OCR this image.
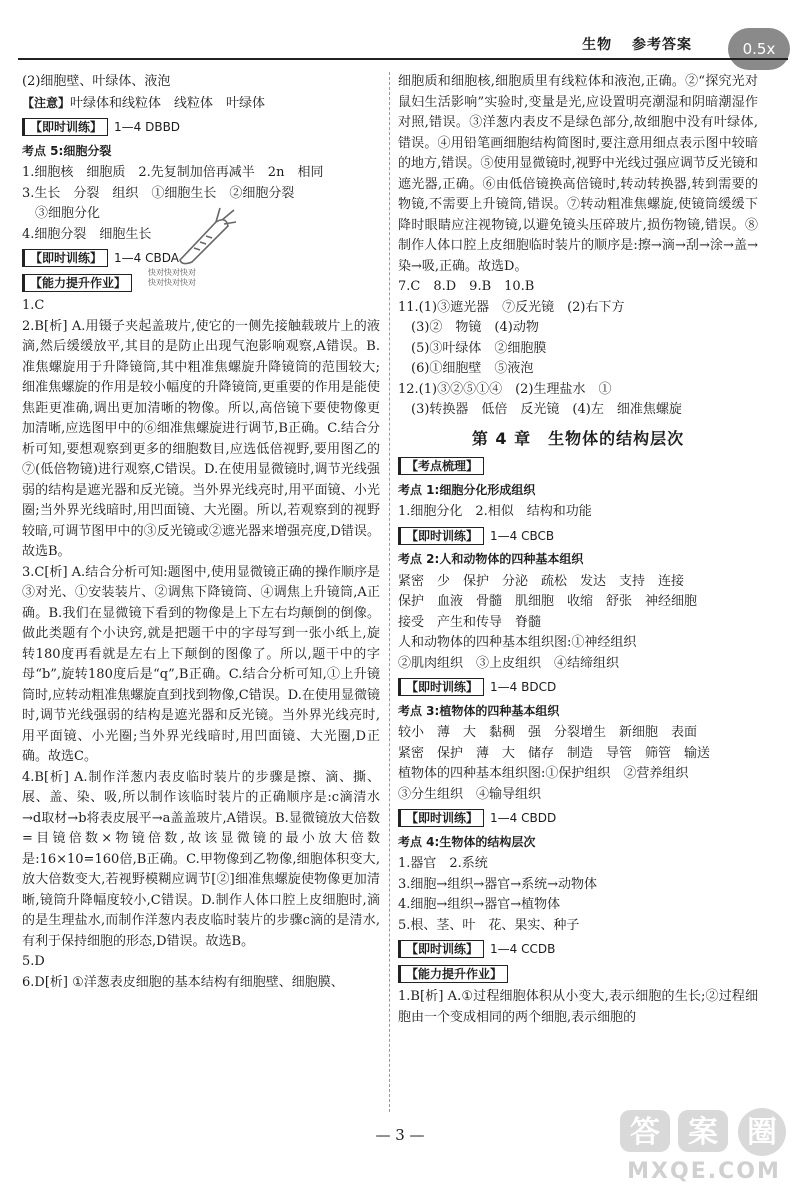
生物 参考答案	0.5x

(2)细胞壁、叶绿体、液泡

【注意】叶绿体和线粒体　线粒体　叶绿体

【即时训练】 1—4 DBBD
考点 5:细胞分裂

1.细胞核　细胞质　2.先复制加倍再减半　2n　相同

3.生长　分裂　组织　①细胞生长　②细胞分裂

　③细胞分化

4.细胞分裂　细胞生长

【即时训练】 1—4 CBDA
【能力提升作业】

1.C

2.B[析] A.用镊子夹起盖玻片,使它的一侧先接触载玻片上的液滴,然后缓缓放平,其目的是防止出现气泡影响观察,A错误。B.准焦螺旋用于升降镜筒,其中粗准焦螺旋升降镜筒的范围较大;细准焦螺旋的作用是较小幅度的升降镜筒,更重要的作用是能使焦距更准确,调出更加清晰的物像。所以,高倍镜下要使物像更加清晰,应选图甲中的⑥细准焦螺旋进行调节,B正确。C.结合分析可知,要想观察到更多的细胞数目,应选低倍视野,要用图乙的⑦(低倍物镜)进行观察,C错误。D.在使用显微镜时,调节光线强弱的结构是遮光器和反光镜。当外界光线亮时,用平面镜、小光圈;当外界光线暗时,用凹面镜、大光圈。所以,若观察到的视野较暗,可调节图甲中的③反光镜或②遮光器来增强亮度,D错误。故选B。

3.C[析] A.结合分析可知:题图中,使用显微镜正确的操作顺序是③对光、①安装装片、②调焦下降镜筒、④调焦上升镜筒,A正确。B.我们在显微镜下看到的物像是上下左右均颠倒的倒像。做此类题有个小诀窍,就是把题干中的字母写到一张小纸上,旋转180度再看就是左右上下颠倒的图像了。所以,题干中的字母“b”,旋转180度后是“q”,B正确。C.结合分析可知,①上升镜筒时,应转动粗准焦螺旋直到找到物像,C错误。D.在使用显微镜时,调节光线强弱的结构是遮光器和反光镜。当外界光线亮时,用平面镜、小光圈;当外界光线暗时,用凹面镜、大光圈,D正确。故选C。

4.B[析] A.制作洋葱内表皮临时装片的步骤是擦、滴、撕、展、盖、染、吸,所以制作该临时装片的正确顺序是:c滴清水→d取材→b将表皮展平→a盖盖玻片,A错误。B.显微镜放大倍数=目镜倍数×物镜倍数,故该显微镜的最小放大倍数是:16×10=160倍,B正确。C.甲物像到乙物像,细胞体积变大,放大倍数变大,若视野模糊应调节[②]细准焦螺旋使物像更加清晰,镜筒升降幅度较小,C错误。D.制作人体口腔上皮细胞时,滴的是生理盐水,而制作洋葱内表皮临时装片的步骤c滴的是清水,有利于保持细胞的形态,D错误。故选B。

5.D

6.D[析] ①洋葱表皮细胞的基本结构有细胞壁、细胞膜、

细胞质和细胞核,细胞质里有线粒体和液泡,正确。②“探究光对鼠妇生活影响”实验时,变量是光,应设置明亮潮湿和阴暗潮湿作对照,错误。③洋葱内表皮不是绿色部分,故细胞中没有叶绿体,错误。④用铅笔画细胞结构简图时,要注意用细点表示图中较暗的地方,错误。⑤使用显微镜时,视野中光线过强应调节反光镜和遮光器,正确。⑥由低倍镜换高倍镜时,转动转换器,转到需要的物镜,不需要上升镜筒,错误。⑦转动粗准焦螺旋,使镜筒缓缓下降时眼睛应注视物镜,以避免镜头压碎玻片,损伤物镜,错误。⑧制作人体口腔上皮细胞临时装片的顺序是:擦→滴→刮→涂→盖→染→吸,正确。故选D。

7.C　8.D　9.B　10.B

11.(1)③遮光器　⑦反光镜　(2)右下方

　(3)②　物镜　(4)动物

　(5)③叶绿体　②细胞膜

　(6)①细胞壁　⑤液泡

12.(1)③②⑤①④　(2)生理盐水　①

　(3)转换器　低倍　反光镜　(4)左　细准焦螺旋

第 4 章　生物体的结构层次
【考点梳理】
考点 1:细胞分化形成组织

1.细胞分化　2.相似　结构和功能

【即时训练】 1—4 CBCB
考点 2:人和动物体的四种基本组织

紧密　少　保护　分泌　疏松　发达　支持　连接

保护　血液　骨髓　肌细胞　收缩　舒张　神经细胞

接受　产生和传导　脊髓

人和动物体的四种基本组织图:①神经组织

②肌肉组织　③上皮组织　④结缔组织

【即时训练】 1—4 BDCD
考点 3:植物体的四种基本组织

较小　薄　大　黏稠　强　分裂增生　新细胞　表面

紧密　保护　薄　大　储存　制造　导管　筛管　输送

植物体的四种基本组织图:①保护组织　②营养组织

③分生组织　④输导组织

【即时训练】 1—4 CBDD
考点 4:生物体的结构层次

1.器官　2.系统

3.细胞→组织→器官→系统→动物体

4.细胞→组织→器官→植物体

5.根、茎、叶　花、果实、种子

【即时训练】 1—4 CCDB
【能力提升作业】

1.B[析] A.①过程细胞体积从小变大,表示细胞的生长;②过程细胞由一个变成相同的两个细胞,表示细胞的

快对快对快对
快对快对快对
— 3 —	答 案 圈
MXQE.COM
